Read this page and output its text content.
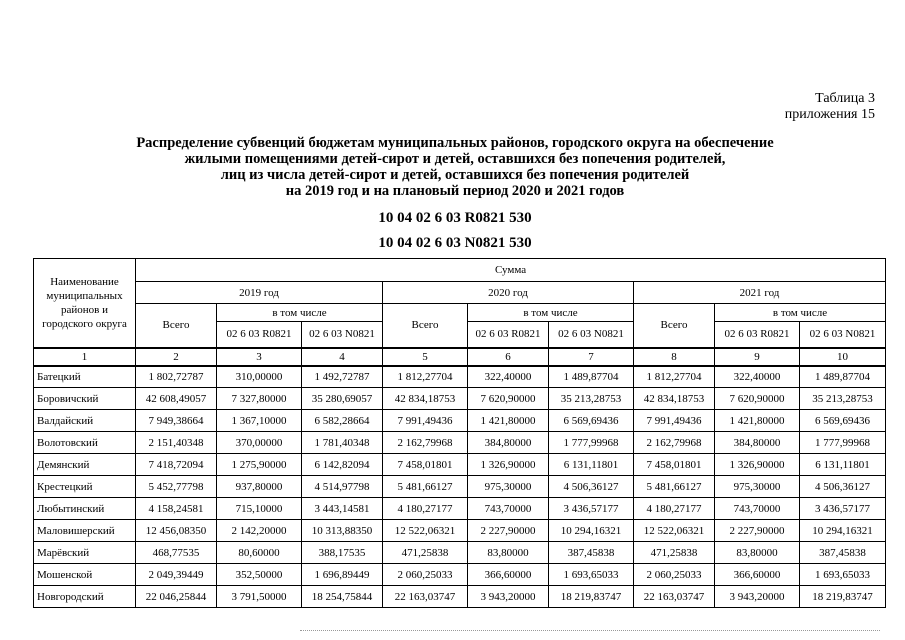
Таблица 3
приложения 15
Распределение субвенций бюджетам муниципальных районов, городского округа на обеспечение
жилыми помещениями детей-сирот и детей, оставшихся без попечения родителей,
лиц из числа детей-сирот и детей, оставшихся без попечения родителей
на 2019 год и на плановый период 2020 и 2021 годов
10 04 02 6 03 R0821 530
10 04 02 6 03 N0821 530
Наименование муниципальных районов и городского округа	Сумма								
	2019 год			2020 год			2021 год		
	Всего	в том числе		Всего	в том числе		Всего	в том числе	
		02 6 03 R0821	02 6 03 N0821		02 6 03 R0821	02 6 03 N0821		02 6 03 R0821	02 6 03 N0821
1	2	3	4	5	6	7	8	9	10
Батецкий	1 802,72787	310,00000	1 492,72787	1 812,27704	322,40000	1 489,87704	1 812,27704	322,40000	1 489,87704
Боровичский	42 608,49057	7 327,80000	35 280,69057	42 834,18753	7 620,90000	35 213,28753	42 834,18753	7 620,90000	35 213,28753
Валдайский	7 949,38664	1 367,10000	6 582,28664	7 991,49436	1 421,80000	6 569,69436	7 991,49436	1 421,80000	6 569,69436
Волотовский	2 151,40348	370,00000	1 781,40348	2 162,79968	384,80000	1 777,99968	2 162,79968	384,80000	1 777,99968
Демянский	7 418,72094	1 275,90000	6 142,82094	7 458,01801	1 326,90000	6 131,11801	7 458,01801	1 326,90000	6 131,11801
Крестецкий	5 452,77798	937,80000	4 514,97798	5 481,66127	975,30000	4 506,36127	5 481,66127	975,30000	4 506,36127
Любытинский	4 158,24581	715,10000	3 443,14581	4 180,27177	743,70000	3 436,57177	4 180,27177	743,70000	3 436,57177
Маловишерский	12 456,08350	2 142,20000	10 313,88350	12 522,06321	2 227,90000	10 294,16321	12 522,06321	2 227,90000	10 294,16321
Марёвский	468,77535	80,60000	388,17535	471,25838	83,80000	387,45838	471,25838	83,80000	387,45838
Мошенской	2 049,39449	352,50000	1 696,89449	2 060,25033	366,60000	1 693,65033	2 060,25033	366,60000	1 693,65033
Новгородский	22 046,25844	3 791,50000	18 254,75844	22 163,03747	3 943,20000	18 219,83747	22 163,03747	3 943,20000	18 219,83747
